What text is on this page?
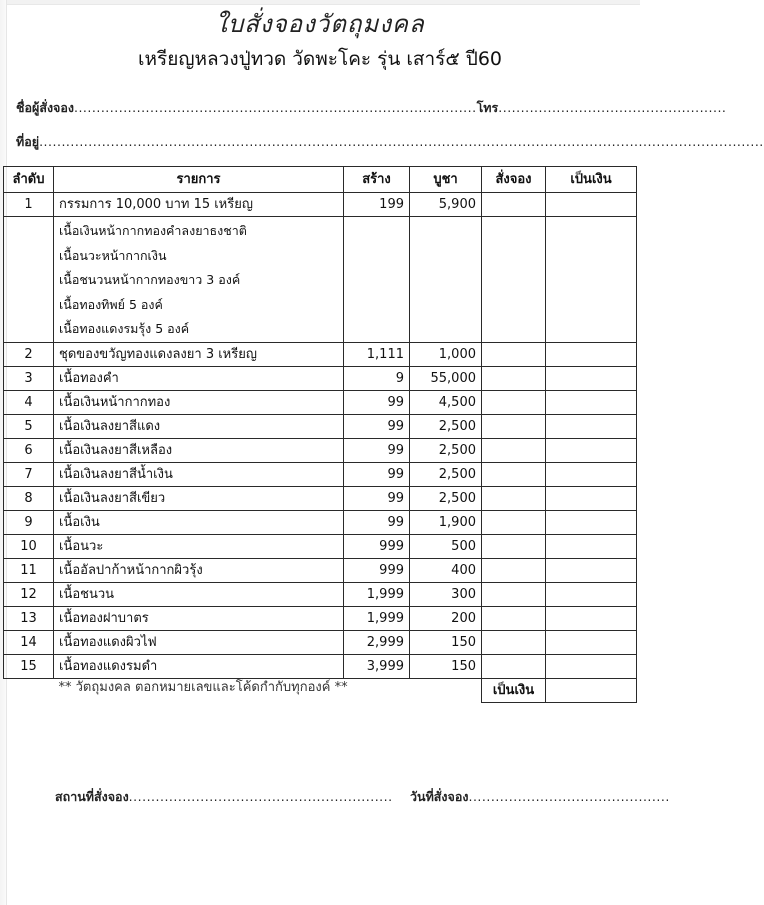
ใบสั่งจองวัตถุมงคล
เหรียญหลวงปู่ทวด วัดพะโคะ รุ่น เสาร์๕ ปี60
ชื่อผู้สั่งจอง..........................................................................................โทร...................................................
ที่อยู่..................................................................................................................................................................
ลำดับ	รายการ	สร้าง	บูชา	สั่งจอง	เป็นเงิน
1	กรรมการ 10,000 บาท 15 เหรียญ	199	5,900		

	เนื้อเงินหน้ากากทองคำลงยาธงชาติ
เนื้อนวะหน้ากากเงิน
เนื้อชนวนหน้ากากทองขาว 3 องค์
เนื้อทองทิพย์ 5 องค์
เนื้อทองแดงรมรุ้ง 5 องค์				

2	ชุดของขวัญทองแดงลงยา 3 เหรียญ	1,111	1,000		
3	เนื้อทองคำ	9	55,000		
4	เนื้อเงินหน้ากากทอง	99	4,500		
5	เนื้อเงินลงยาสีแดง	99	2,500		
6	เนื้อเงินลงยาสีเหลือง	99	2,500		
7	เนื้อเงินลงยาสีน้ำเงิน	99	2,500		
8	เนื้อเงินลงยาสีเขียว	99	2,500		
9	เนื้อเงิน	99	1,900		
10	เนื้อนวะ	999	500		
11	เนื้ออัลปาก้าหน้ากากผิวรุ้ง	999	400		
12	เนื้อชนวน	1,999	300		
13	เนื้อทองฝาบาตร	1,999	200		
14	เนื้อทองแดงผิวไฟ	2,999	150		
15	เนื้อทองแดงรมดำ	3,999	150		
** วัตถุมงคล ตอกหมายเลขและโค้ดกำกับทุกองค์ **				เป็นเงิน	
สถานที่สั่งจอง........................................................... วันที่สั่งจอง.............................................
